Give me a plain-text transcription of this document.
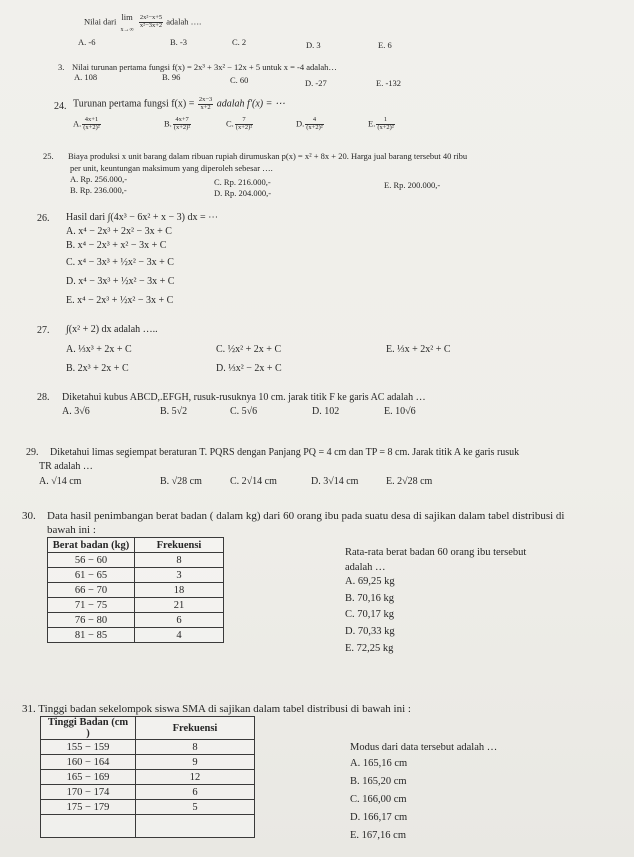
Nilai dari lim
$_{x\to\infty} \frac{\text{2x²−x+5}}{\text{x²−3x+2}}$ adalah ….
A. -6	B. -3	C. 2	D. 3	E. 6
3. Nilai turunan pertama fungsi f(x) = 2x³ + 3x² − 12x + 5 untuk x = -4 adalah…
A. 108	B. 96	C. 60	D. -27	E. -132
24. Turunan pertama fungsi $f(x) = \frac{2x-3}{x+2}$ adalah f′(x) = ⋯
A. $\frac{4x+1}{\text{(x+2)²}}$	B. $\frac{4x+7}{\text{(x+2)²}}$	C. $\frac{7}{\text{(x+2)²}}$	D. $\frac{4}{\text{(x+2)²}}$	E. $\frac{1}{\text{(x+2)²}}$
25. Biaya produksi x unit barang dalam ribuan rupiah dirumuskan p(x) = x² + 8x + 20. Harga jual barang tersebut 40 ribu
per unit, keuntungan maksimum yang diperoleh sebesar ….
A. Rp. 256.000,-	C. Rp. 216.000,-	E. Rp. 200.000,-
B. Rp. 236.000,-	D. Rp. 204.000,-
26. Hasil dari ∫(4x³ − 6x² + x − 3) dx = ⋯
A. x⁴ − 2x³ + 2x² − 3x + C
B. x⁴ − 2x³ + x² − 3x + C
C. x⁴ − 3x³ + ½x² − 3x + C
D. x⁴ − 3x³ + ½x² − 3x + C
E. x⁴ − 2x³ + ½x² − 3x + C
27. ∫(x² + 2) dx adalah …..
A. ⅓x³ + 2x + C	C. ½x² + 2x + C	E. ⅓x + 2x² + C
B. 2x³ + 2x + C	D. ⅓x² − 2x + C
28. Diketahui kubus ABCD,.EFGH, rusuk-rusuknya 10 cm. jarak titik F ke garis AC adalah …
A. 3√6	B. 5√2	C. 5√6	D. 102	E. 10√6
29. Diketahui limas segiempat beraturan T. PQRS dengan Panjang PQ = 4 cm dan TP = 8 cm. Jarak titik A ke garis rusuk
TR adalah …
A. √14 cm	B. √28 cm	C. 2√14 cm	D. 3√14 cm	E. 2√28 cm
30. Data hasil penimbangan berat badan ( dalam kg) dari 60 orang ibu pada suatu desa di sajikan dalam tabel distribusi di
bawah ini :
Berat badan (kg)	Frekuensi
56 − 60	8
61 − 65	3
66 − 70	18
71 − 75	21
76 − 80	6
81 − 85	4
Rata-rata berat badan 60 orang ibu tersebut
adalah …
A. 69,25 kg
B. 70,16 kg
C. 70,17 kg
D. 70,33 kg
E. 72,25 kg
31. Tinggi badan sekelompok siswa SMA di sajikan dalam tabel distribusi di bawah ini :
Tinggi Badan (cm )	Frekuensi
155 − 159	8
160 − 164	9
165 − 169	12
170 − 174	6
175 − 179	5

Modus dari data tersebut adalah …
A. 165,16 cm
B. 165,20 cm
C. 166,00 cm
D. 166,17 cm
E. 167,16 cm
